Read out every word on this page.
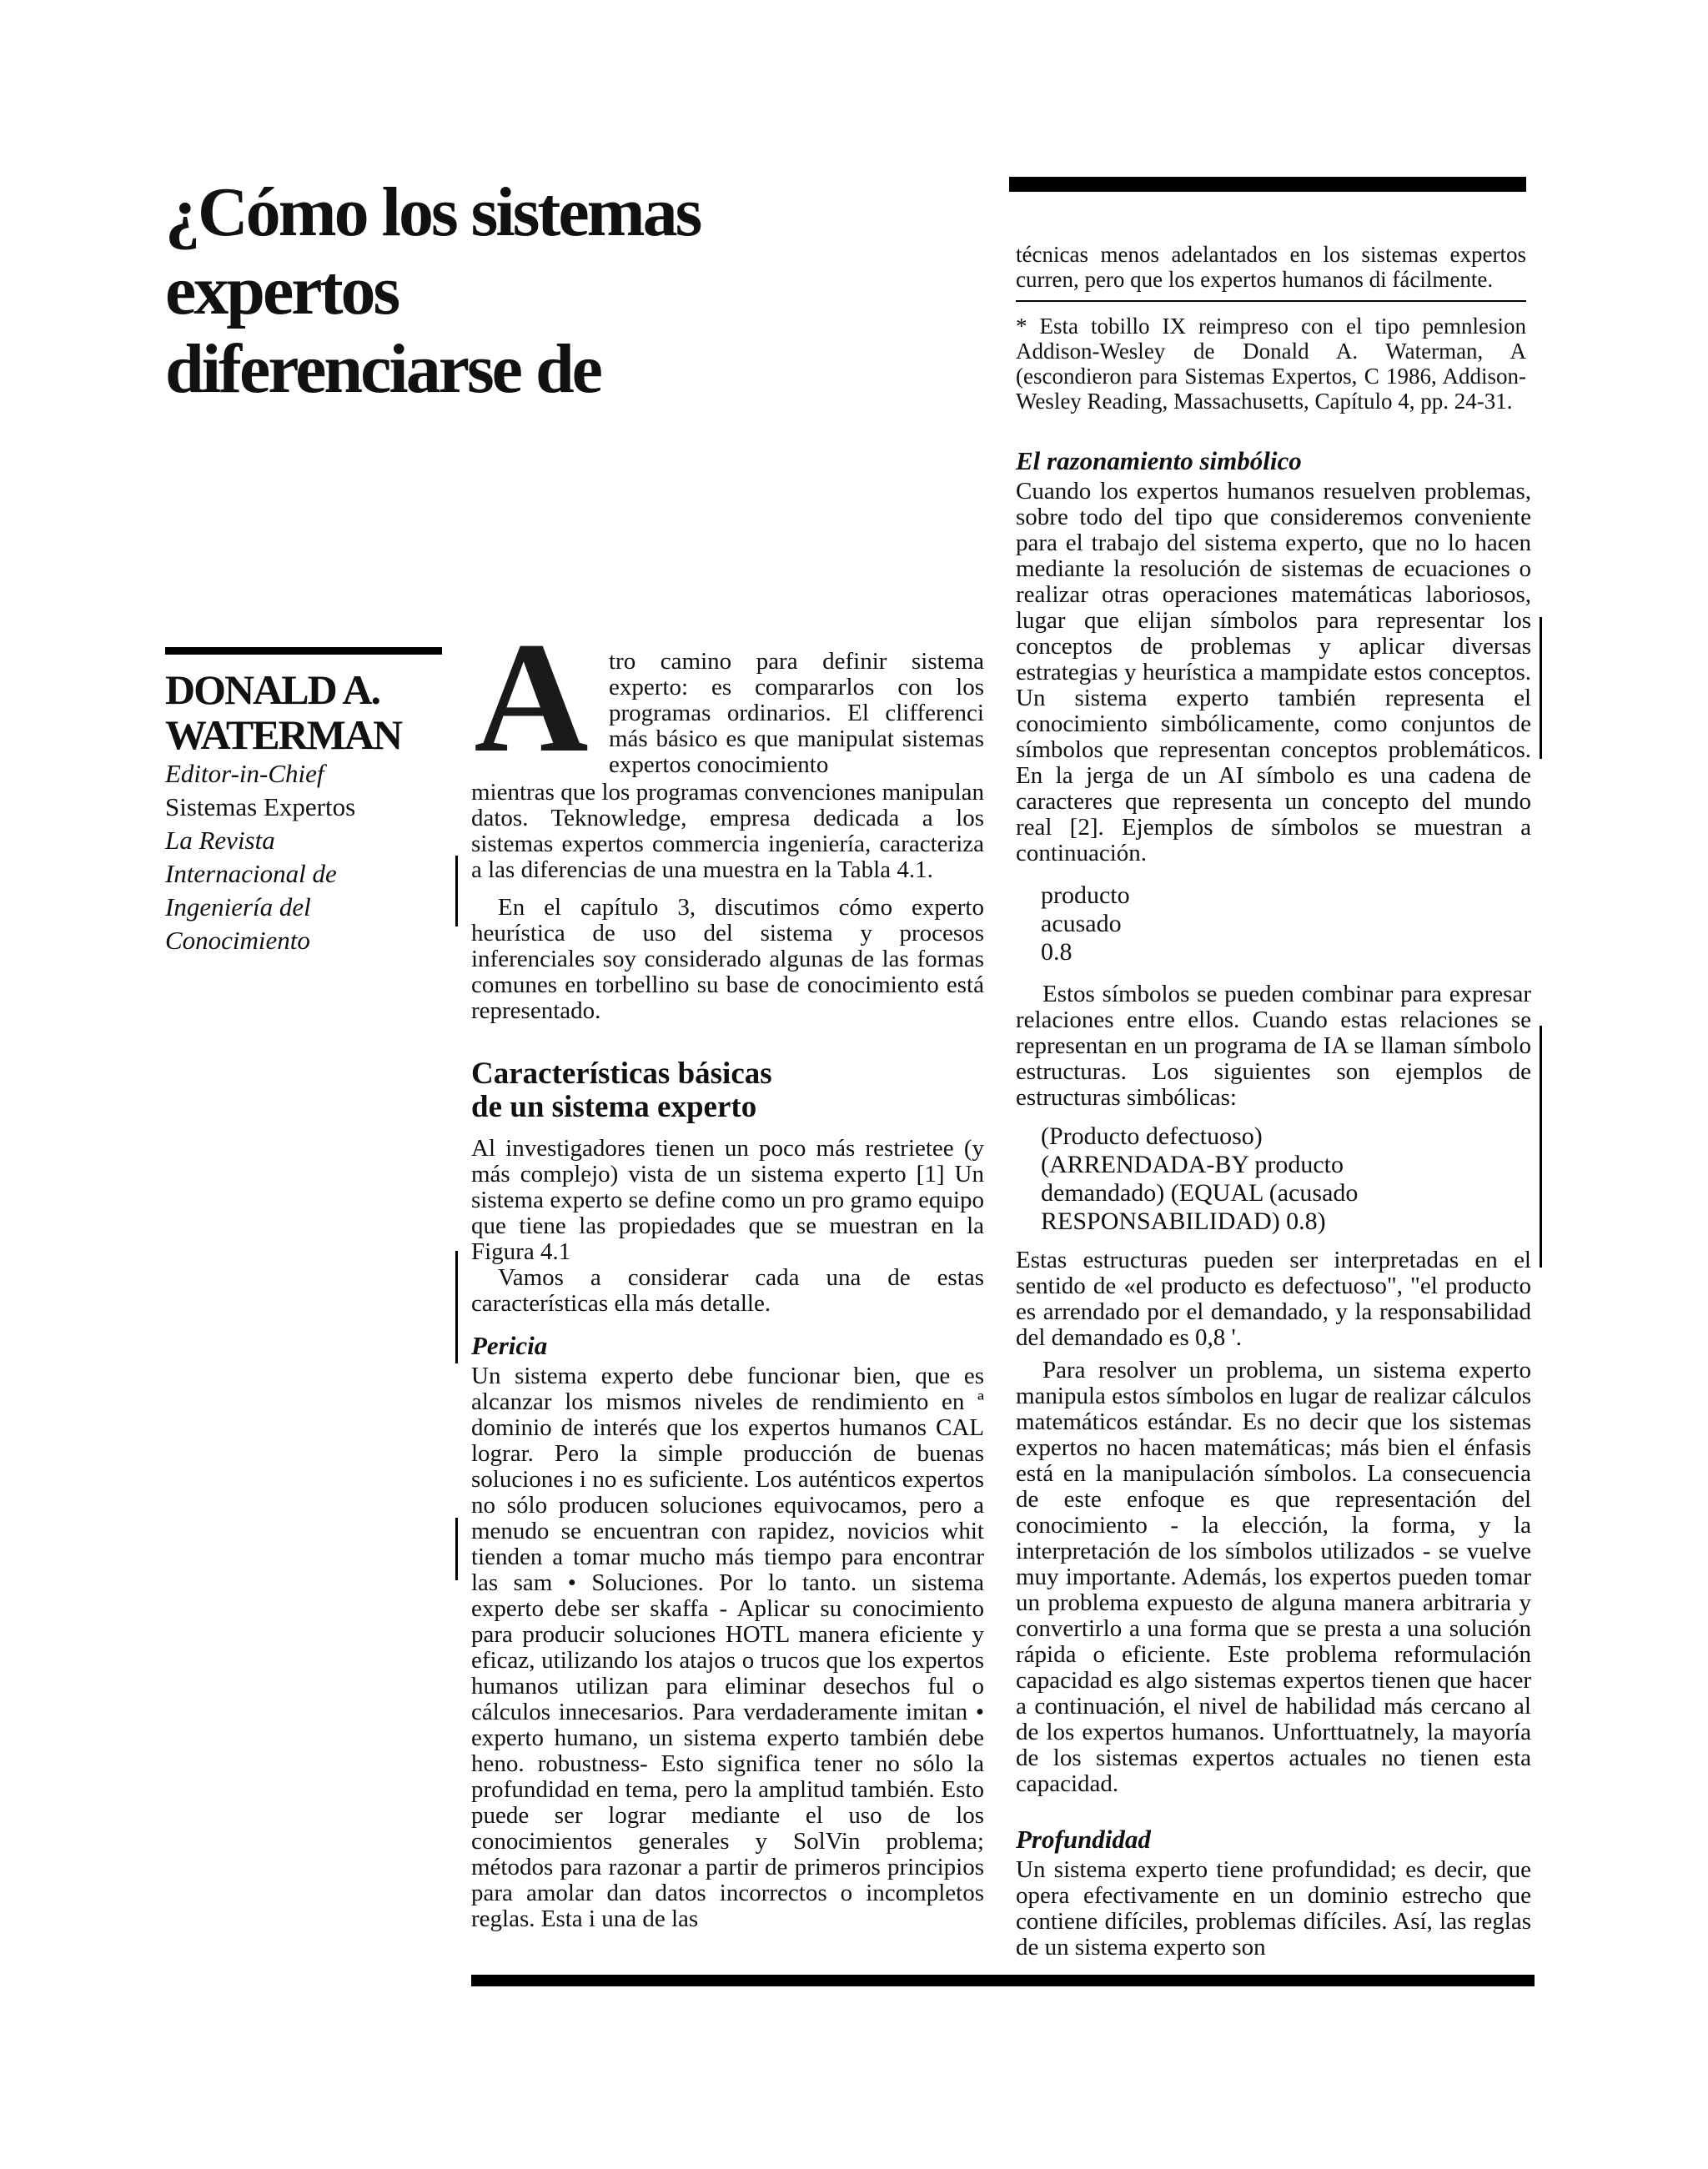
¿Cómo los sistemas
expertos
diferenciarse de
DONALD A.
WATERMAN
Editor-in-Chief
Sistemas Expertos
La Revista
Internacional de
Ingeniería del
Conocimiento
A tro camino para definir sistema experto: es compararlos con los programas ordinarios. El clifferenci más básico es que manipulat sistemas expertos conocimiento

mientras que los programas convenciones manipulan datos. Teknowledge, empresa dedicada a los sistemas expertos commercia ingeniería, caracteriza a las diferencias de una muestra en la Tabla 4.1.

En el capítulo 3, discutimos cómo experto heurística de uso del sistema y procesos inferenciales soy considerado algunas de las formas comunes en torbellino su base de conocimiento está representado.

Características básicas
de un sistema experto

Al investigadores tienen un poco más restrietee (y más complejo) vista de un sistema experto [1] Un sistema experto se define como un pro gramo equipo que tiene las propiedades que se muestran en la Figura 4.1

Vamos a considerar cada una de estas características ella más detalle.

Pericia

Un sistema experto debe funcionar bien, que es alcanzar los mismos niveles de rendimiento en ª dominio de interés que los expertos humanos CAL lograr. Pero la simple producción de buenas soluciones i no es suficiente. Los auténticos expertos no sólo producen soluciones equivocamos, pero a menudo se encuentran con rapidez, novicios whit tienden a tomar mucho más tiempo para encontrar las sam • Soluciones. Por lo tanto. un sistema experto debe ser skaffa - Aplicar su conocimiento para producir soluciones HOTL manera eficiente y eficaz, utilizando los atajos o trucos que los expertos humanos utilizan para eliminar desechos ful o cálculos innecesarios. Para verdaderamente imitan • experto humano, un sistema experto también debe heno. robustness- Esto significa tener no sólo la profundidad en tema, pero la amplitud también. Esto puede ser lograr mediante el uso de los conocimientos generales y SolVin problema; métodos para razonar a partir de primeros principios para amolar dan datos incorrectos o incompletos reglas. Esta i una de las

técnicas menos adelantados en los sistemas expertos curren, pero que los expertos humanos di fácilmente.

* Esta tobillo IX reimpreso con el tipo pemnlesion Addison-Wesley de Donald A. Waterman, A (escondieron para Sistemas Expertos, C 1986, Addison-Wesley Reading, Massachusetts, Capítulo 4, pp. 24-31.

El razonamiento simbólico

Cuando los expertos humanos resuelven problemas, sobre todo del tipo que consideremos conveniente para el trabajo del sistema experto, que no lo hacen mediante la resolución de sistemas de ecuaciones o realizar otras operaciones matemáticas laboriosos, lugar que elijan símbolos para representar los conceptos de problemas y aplicar diversas estrategias y heurística a mampidate estos conceptos. Un sistema experto también representa el conocimiento simbólicamente, como conjuntos de símbolos que representan conceptos problemáticos. En la jerga de un AI símbolo es una cadena de caracteres que representa un concepto del mundo real [2]. Ejemplos de símbolos se muestran a continuación.

producto
acusado
0.8

Estos símbolos se pueden combinar para expresar relaciones entre ellos. Cuando estas relaciones se representan en un programa de IA se llaman símbolo estructuras. Los siguientes son ejemplos de estructuras simbólicas:

(Producto defectuoso)
(ARRENDADA-BY producto
demandado) (EQUAL (acusado
RESPONSABILIDAD) 0.8)

Estas estructuras pueden ser interpretadas en el sentido de «el producto es defectuoso", "el producto es arrendado por el demandado, y la responsabilidad del demandado es 0,8 '.

Para resolver un problema, un sistema experto manipula estos símbolos en lugar de realizar cálculos matemáticos estándar. Es no decir que los sistemas expertos no hacen matemáticas; más bien el énfasis está en la manipulación símbolos. La consecuencia de este enfoque es que representación del conocimiento - la elección, la forma, y la interpretación de los símbolos utilizados - se vuelve muy importante. Además, los expertos pueden tomar un problema expuesto de alguna manera arbitraria y convertirlo a una forma que se presta a una solución rápida o eficiente. Este problema reformulación capacidad es algo sistemas expertos tienen que hacer a continuación, el nivel de habilidad más cercano al de los expertos humanos. Unforttuatnely, la mayoría de los sistemas expertos actuales no tienen esta capacidad.

Profundidad

Un sistema experto tiene profundidad; es decir, que opera efectivamente en un dominio estrecho que contiene difíciles, problemas difíciles. Así, las reglas de un sistema experto son
